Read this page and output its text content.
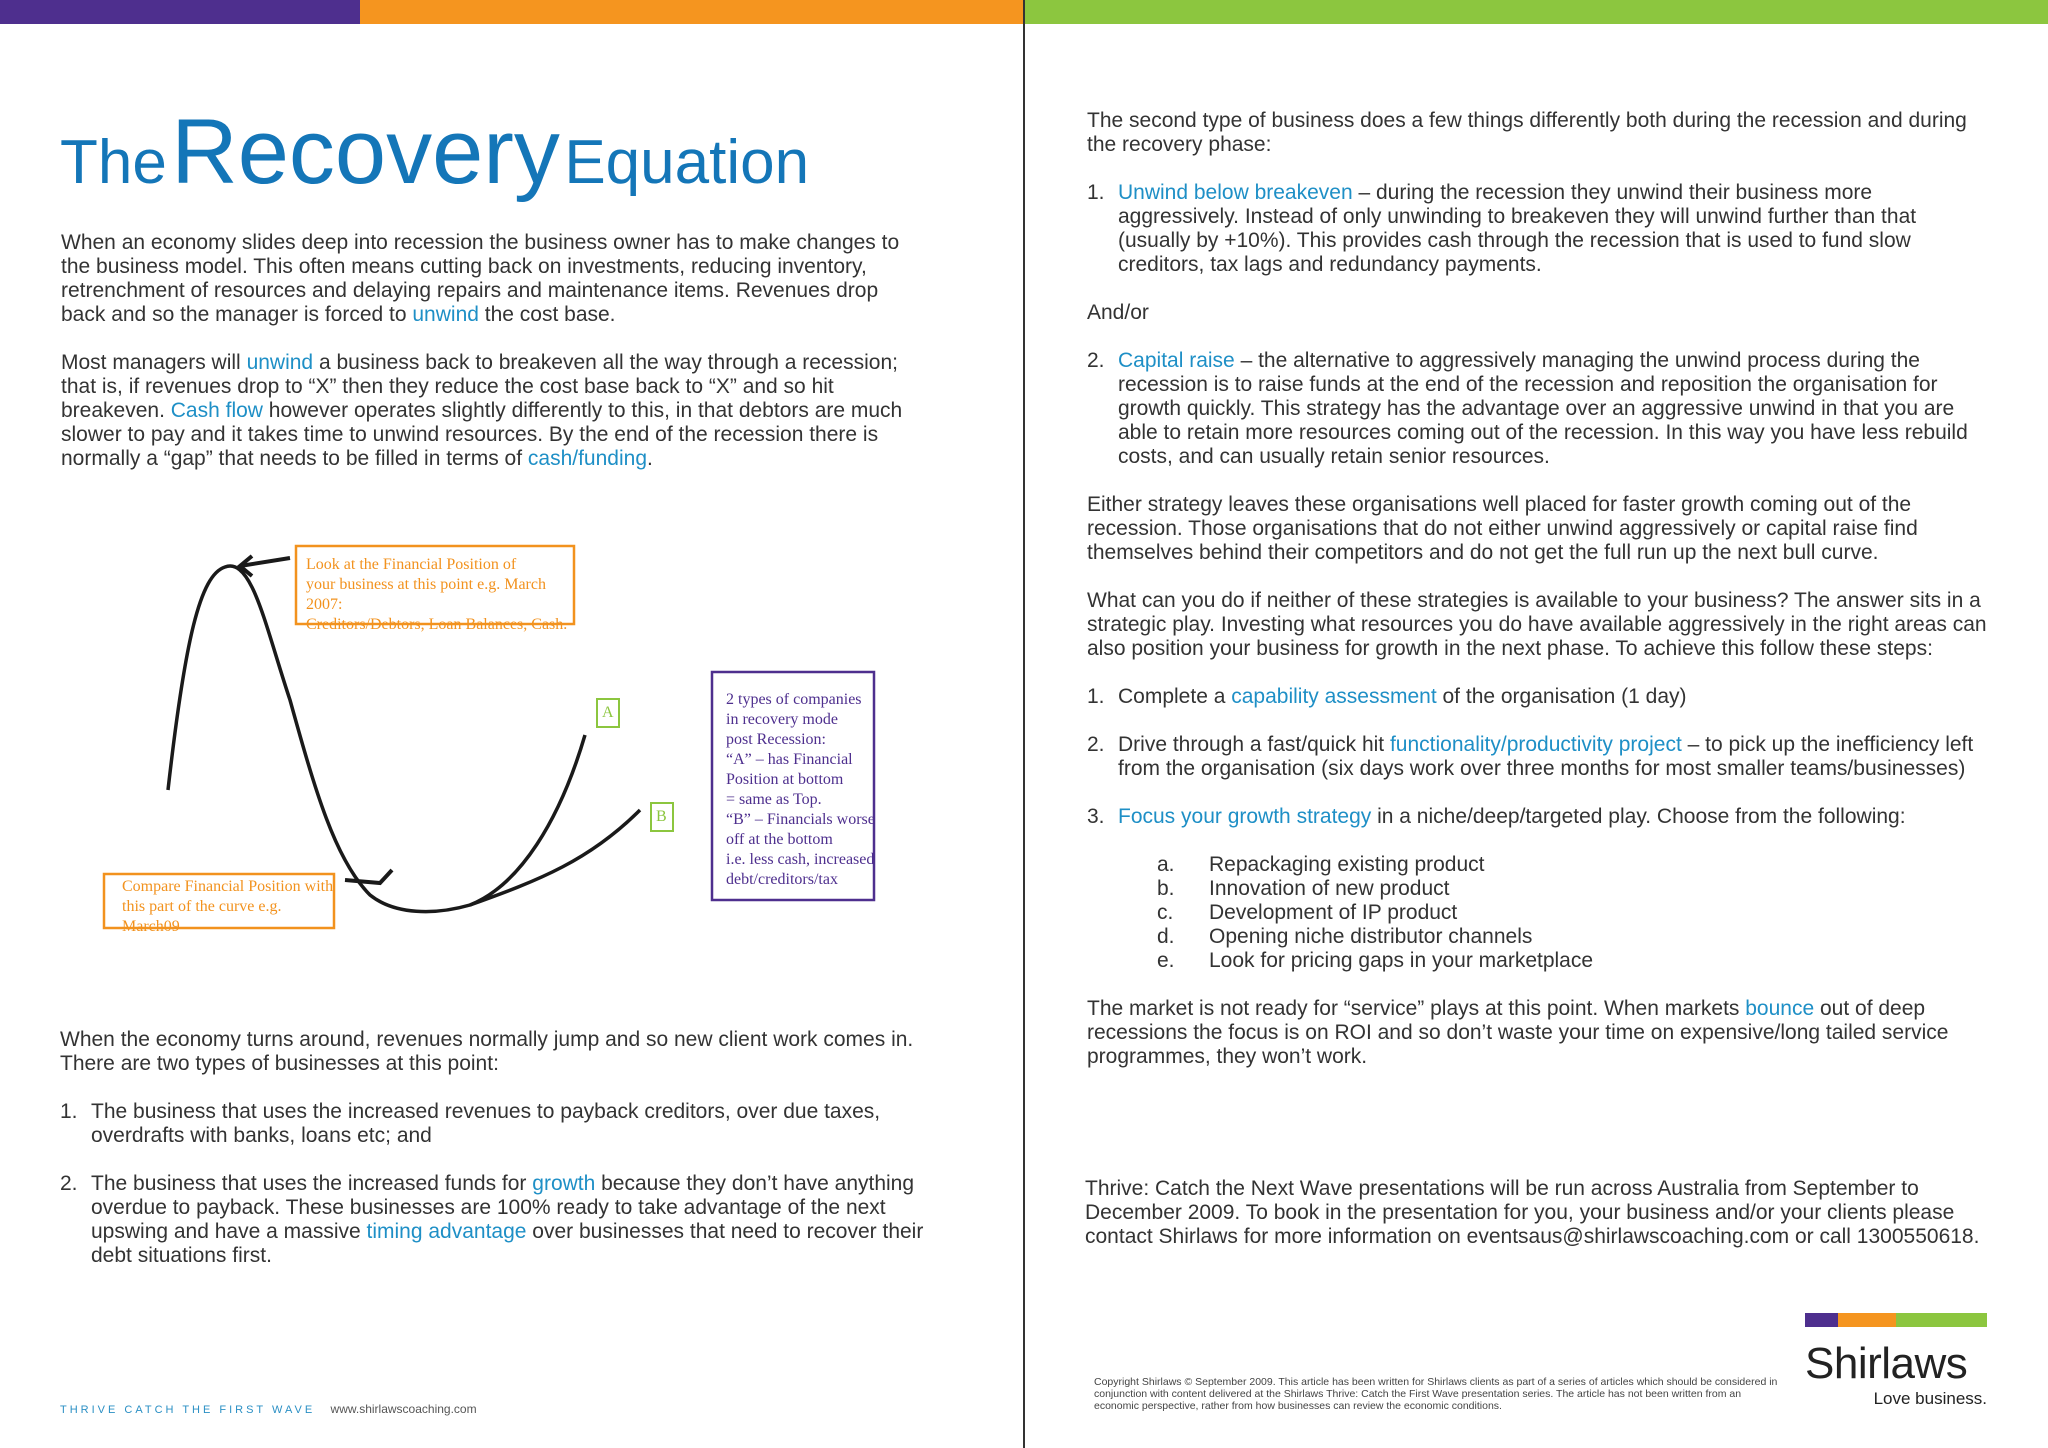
The Recovery Equation

When an economy slides deep into recession the business owner has to make changes to the business model. This often means cutting back on investments, reducing inventory, retrenchment of resources and delaying repairs and maintenance items. Revenues drop back and so the manager is forced to unwind the cost base.

Most managers will unwind a business back to breakeven all the way through a recession; that is, if revenues drop to “X” then they reduce the cost base back to “X” and so hit breakeven. Cash flow however operates slightly differently to this, in that debtors are much slower to pay and it takes time to unwind resources. By the end of the recession there is normally a “gap” that needs to be filled in terms of cash/funding.

Look at the Financial Position of
your business at this point e.g. March 2007:
Creditors/Debtors, Loan Balances, Cash.
Compare Financial Position with
this part of the curve e.g. March09
2 types of companies
in recovery mode
post Recession:
“A” – has Financial
Position at bottom
= same as Top.
“B” – Financials worse
off at the bottom
i.e. less cash, increased
debt/creditors/tax
A
B

When the economy turns around, revenues normally jump and so new client work comes in. There are two types of businesses at this point:

1. The business that uses the increased revenues to payback creditors, over due taxes, overdrafts with banks, loans etc; and
2. The business that uses the increased funds for growth because they don’t have anything overdue to payback. These businesses are 100% ready to take advantage of the next upswing and have a massive timing advantage over businesses that need to recover their debt situations first.

The second type of business does a few things differently both during the recession and during the recovery phase:

1. Unwind below breakeven – during the recession they unwind their business more aggressively. Instead of only unwinding to breakeven they will unwind further than that (usually by +10%). This provides cash through the recession that is used to fund slow creditors, tax lags and redundancy payments.

And/or

2. Capital raise – the alternative to aggressively managing the unwind process during the recession is to raise funds at the end of the recession and reposition the organisation for growth quickly. This strategy has the advantage over an aggressive unwind in that you are able to retain more resources coming out of the recession. In this way you have less rebuild costs, and can usually retain senior resources.

Either strategy leaves these organisations well placed for faster growth coming out of the recession. Those organisations that do not either unwind aggressively or capital raise find themselves behind their competitors and do not get the full run up the next bull curve.

What can you do if neither of these strategies is available to your business? The answer sits in a strategic play. Investing what resources you do have available aggressively in the right areas can also position your business for growth in the next phase. To achieve this follow these steps:

1. Complete a capability assessment of the organisation (1 day)
2. Drive through a fast/quick hit functionality/productivity project – to pick up the inefficiency left from the organisation (six days work over three months for most smaller teams/businesses)
3. Focus your growth strategy in a niche/deep/targeted play. Choose from the following:
a. Repackaging existing product
b. Innovation of new product
c. Development of IP product
d. Opening niche distributor channels
e. Look for pricing gaps in your marketplace

The market is not ready for “service” plays at this point. When markets bounce out of deep recessions the focus is on ROI and so don’t waste your time on expensive/long tailed service programmes, they won’t work.

Thrive: Catch the Next Wave presentations will be run across Australia from September to December 2009. To book in the presentation for you, your business and/or your clients please contact Shirlaws for more information on eventsaus@shirlawscoaching.com or call 1300550618.
THRIVE CATCH THE FIRST WAVE www.shirlawscoaching.com
Copyright Shirlaws © September 2009. This article has been written for Shirlaws clients as part of a series of articles which should be considered in conjunction with content delivered at the Shirlaws Thrive: Catch the First Wave presentation series. The article has not been written from an economic perspective, rather from how businesses can review the economic conditions.
Shirlaws
Love business.
